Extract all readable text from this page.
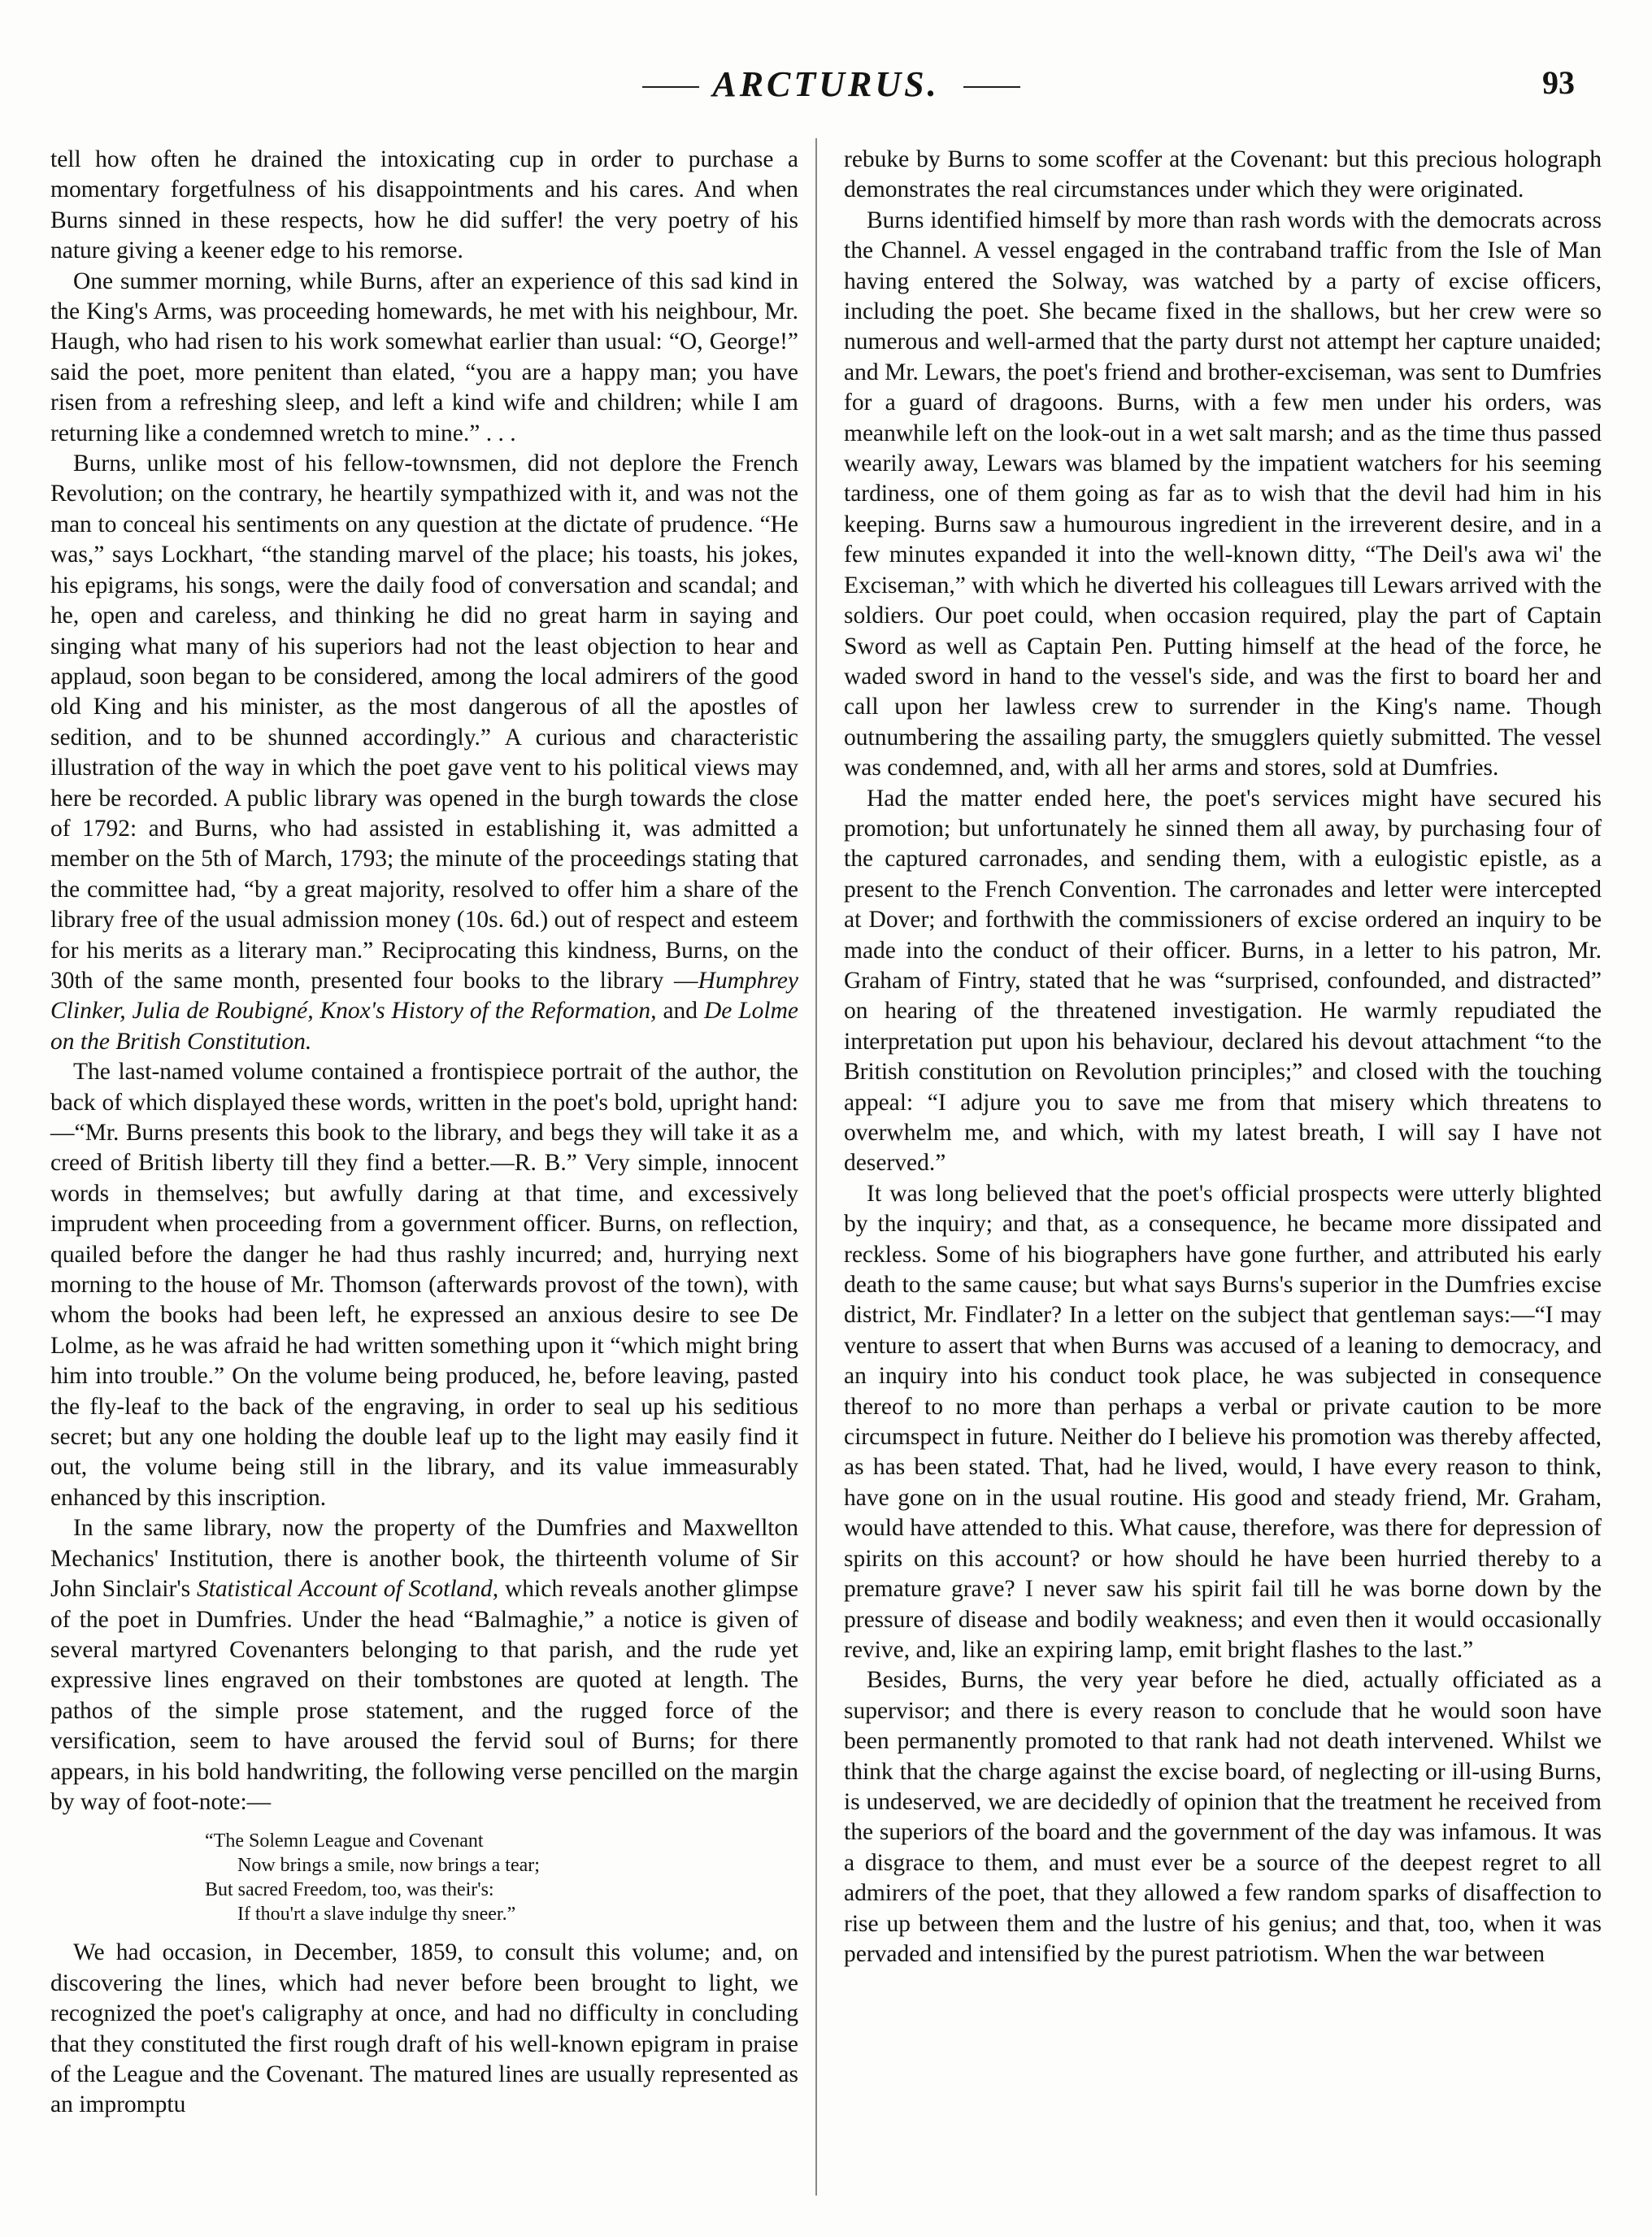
ARCTURUS.	93

tell how often he drained the intoxicating cup in order to purchase a momentary forgetfulness of his disappointments and his cares. And when Burns sinned in these respects, how he did suffer! the very poetry of his nature giving a keener edge to his remorse.

One summer morning, while Burns, after an experience of this sad kind in the King's Arms, was proceeding homewards, he met with his neighbour, Mr. Haugh, who had risen to his work somewhat earlier than usual: “O, George!” said the poet, more penitent than elated, “you are a happy man; you have risen from a refreshing sleep, and left a kind wife and children; while I am returning like a condemned wretch to mine.” . . .

Burns, unlike most of his fellow-townsmen, did not deplore the French Revolution; on the contrary, he heartily sympathized with it, and was not the man to conceal his sentiments on any question at the dictate of prudence. “He was,” says Lockhart, “the standing marvel of the place; his toasts, his jokes, his epigrams, his songs, were the daily food of conversation and scandal; and he, open and careless, and thinking he did no great harm in saying and singing what many of his superiors had not the least objection to hear and applaud, soon began to be considered, among the local admirers of the good old King and his minister, as the most dangerous of all the apostles of sedition, and to be shunned accordingly.” A curious and characteristic illustration of the way in which the poet gave vent to his political views may here be recorded. A public library was opened in the burgh towards the close of 1792: and Burns, who had assisted in establishing it, was admitted a member on the 5th of March, 1793; the minute of the proceedings stating that the committee had, “by a great majority, resolved to offer him a share of the library free of the usual admission money (10s. 6d.) out of respect and esteem for his merits as a literary man.” Reciprocating this kindness, Burns, on the 30th of the same month, presented four books to the library —Humphrey Clinker, Julia de Roubigné, Knox's History of the Reformation, and De Lolme on the British Constitution.

The last-named volume contained a frontispiece portrait of the author, the back of which displayed these words, written in the poet's bold, upright hand:—“Mr. Burns presents this book to the library, and begs they will take it as a creed of British liberty till they find a better.—R. B.” Very simple, innocent words in themselves; but awfully daring at that time, and excessively imprudent when proceeding from a government officer. Burns, on reflection, quailed before the danger he had thus rashly incurred; and, hurrying next morning to the house of Mr. Thomson (afterwards provost of the town), with whom the books had been left, he expressed an anxious desire to see De Lolme, as he was afraid he had written something upon it “which might bring him into trouble.” On the volume being produced, he, before leaving, pasted the fly-leaf to the back of the engraving, in order to seal up his seditious secret; but any one holding the double leaf up to the light may easily find it out, the volume being still in the library, and its value immeasurably enhanced by this inscription.

In the same library, now the property of the Dumfries and Maxwellton Mechanics' Institution, there is another book, the thirteenth volume of Sir John Sinclair's Statistical Account of Scotland, which reveals another glimpse of the poet in Dumfries. Under the head “Balmaghie,” a notice is given of several martyred Covenanters belonging to that parish, and the rude yet expressive lines engraved on their tombstones are quoted at length. The pathos of the simple prose statement, and the rugged force of the versification, seem to have aroused the fervid soul of Burns; for there appears, in his bold handwriting, the following verse pencilled on the margin by way of foot-note:—

“The Solemn League and Covenant
Now brings a smile, now brings a tear;
But sacred Freedom, too, was their's:
If thou'rt a slave indulge thy sneer.”

We had occasion, in December, 1859, to consult this volume; and, on discovering the lines, which had never before been brought to light, we recognized the poet's caligraphy at once, and had no difficulty in concluding that they constituted the first rough draft of his well-known epigram in praise of the League and the Covenant. The matured lines are usually represented as an impromptu

rebuke by Burns to some scoffer at the Covenant: but this precious holograph demonstrates the real circumstances under which they were originated.

Burns identified himself by more than rash words with the democrats across the Channel. A vessel engaged in the contraband traffic from the Isle of Man having entered the Solway, was watched by a party of excise officers, including the poet. She became fixed in the shallows, but her crew were so numerous and well-armed that the party durst not attempt her capture unaided; and Mr. Lewars, the poet's friend and brother-exciseman, was sent to Dumfries for a guard of dragoons. Burns, with a few men under his orders, was meanwhile left on the look-out in a wet salt marsh; and as the time thus passed wearily away, Lewars was blamed by the impatient watchers for his seeming tardiness, one of them going as far as to wish that the devil had him in his keeping. Burns saw a humourous ingredient in the irreverent desire, and in a few minutes expanded it into the well-known ditty, “The Deil's awa wi' the Exciseman,” with which he diverted his colleagues till Lewars arrived with the soldiers. Our poet could, when occasion required, play the part of Captain Sword as well as Captain Pen. Putting himself at the head of the force, he waded sword in hand to the vessel's side, and was the first to board her and call upon her lawless crew to surrender in the King's name. Though outnumbering the assailing party, the smugglers quietly submitted. The vessel was condemned, and, with all her arms and stores, sold at Dumfries.

Had the matter ended here, the poet's services might have secured his promotion; but unfortunately he sinned them all away, by purchasing four of the captured carronades, and sending them, with a eulogistic epistle, as a present to the French Convention. The carronades and letter were intercepted at Dover; and forthwith the commissioners of excise ordered an inquiry to be made into the conduct of their officer. Burns, in a letter to his patron, Mr. Graham of Fintry, stated that he was “surprised, confounded, and distracted” on hearing of the threatened investigation. He warmly repudiated the interpretation put upon his behaviour, declared his devout attachment “to the British constitution on Revolution principles;” and closed with the touching appeal: “I adjure you to save me from that misery which threatens to overwhelm me, and which, with my latest breath, I will say I have not deserved.”

It was long believed that the poet's official prospects were utterly blighted by the inquiry; and that, as a consequence, he became more dissipated and reckless. Some of his biographers have gone further, and attributed his early death to the same cause; but what says Burns's superior in the Dumfries excise district, Mr. Findlater? In a letter on the subject that gentleman says:—“I may venture to assert that when Burns was accused of a leaning to democracy, and an inquiry into his conduct took place, he was subjected in consequence thereof to no more than perhaps a verbal or private caution to be more circumspect in future. Neither do I believe his promotion was thereby affected, as has been stated. That, had he lived, would, I have every reason to think, have gone on in the usual routine. His good and steady friend, Mr. Graham, would have attended to this. What cause, therefore, was there for depression of spirits on this account? or how should he have been hurried thereby to a premature grave? I never saw his spirit fail till he was borne down by the pressure of disease and bodily weakness; and even then it would occasionally revive, and, like an expiring lamp, emit bright flashes to the last.”

Besides, Burns, the very year before he died, actually officiated as a supervisor; and there is every reason to conclude that he would soon have been permanently promoted to that rank had not death intervened. Whilst we think that the charge against the excise board, of neglecting or ill-using Burns, is undeserved, we are decidedly of opinion that the treatment he received from the superiors of the board and the government of the day was infamous. It was a disgrace to them, and must ever be a source of the deepest regret to all admirers of the poet, that they allowed a few random sparks of disaffection to rise up between them and the lustre of his genius; and that, too, when it was pervaded and intensified by the purest patriotism. When the war between
